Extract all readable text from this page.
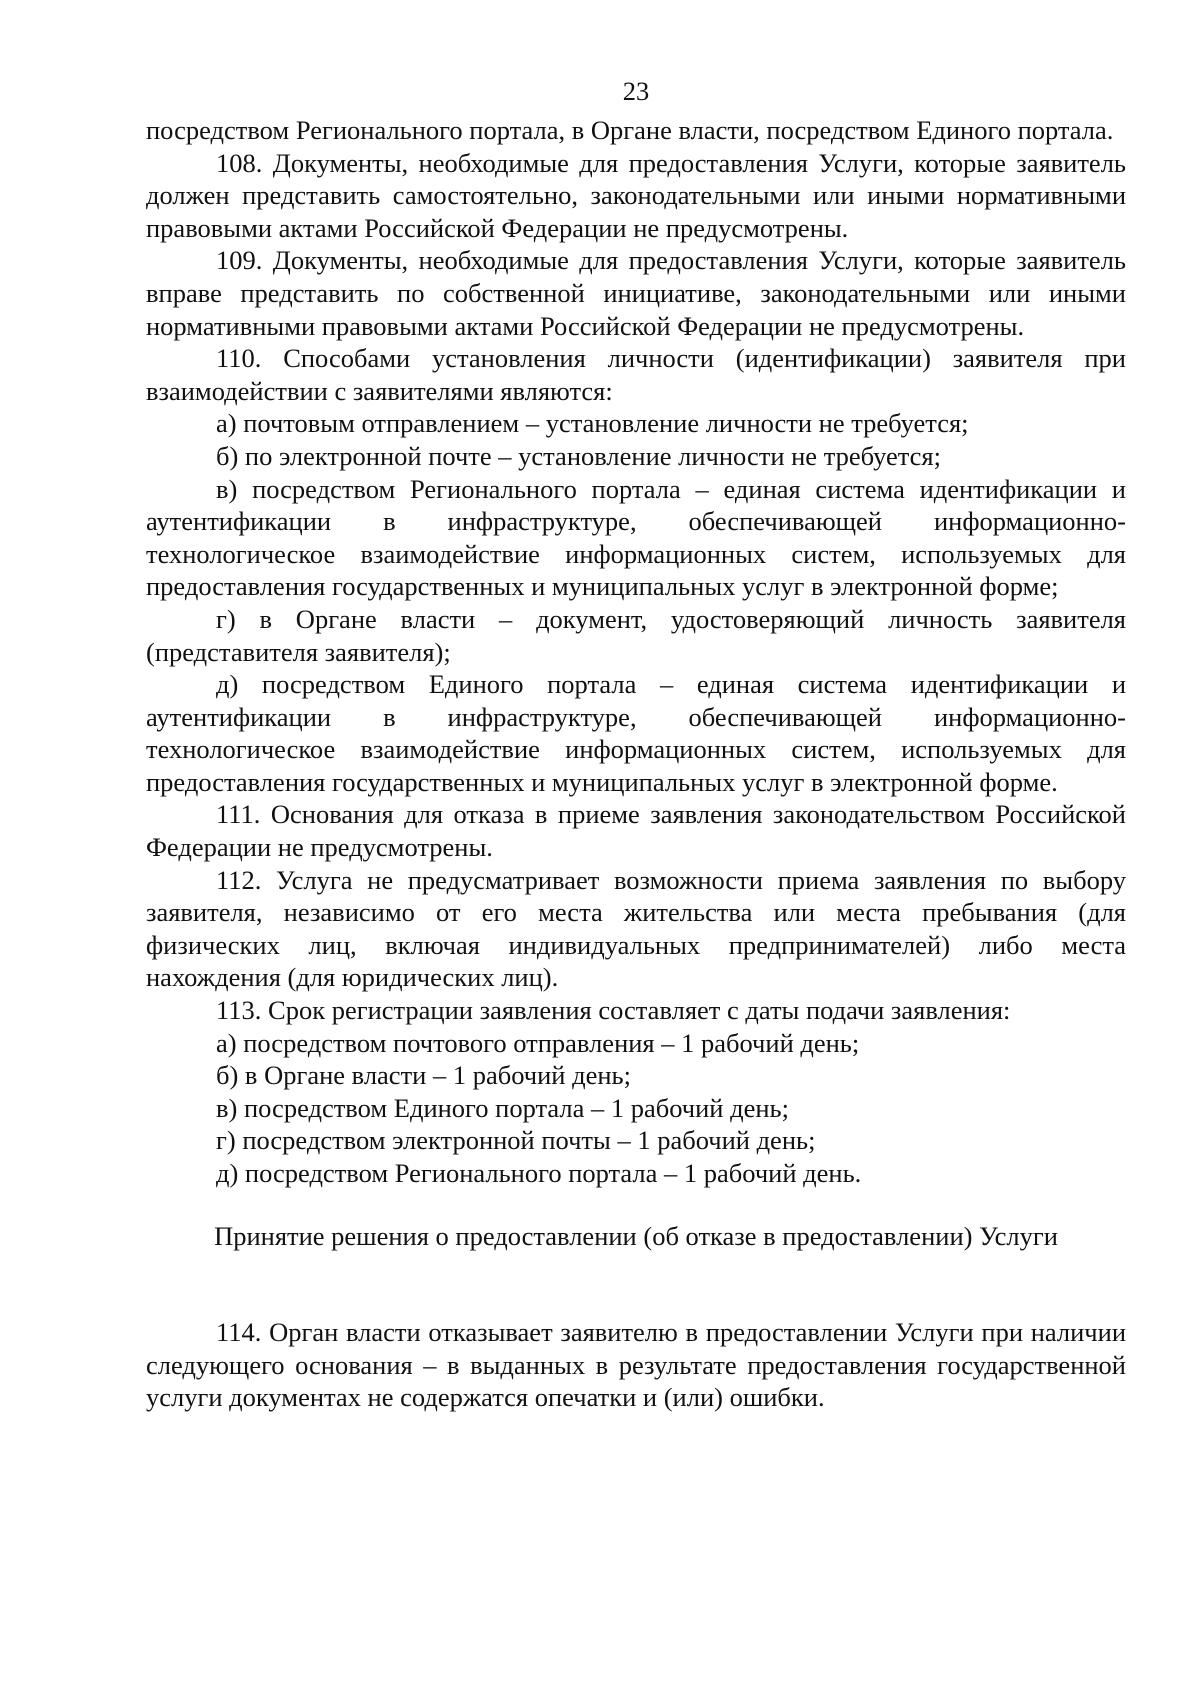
23

посредством Регионального портала, в Органе власти, посредством Единого портала.

108. Документы, необходимые для предоставления Услуги, которые заявитель должен представить самостоятельно, законодательными или иными нормативными правовыми актами Российской Федерации не предусмотрены.

109. Документы, необходимые для предоставления Услуги, которые заявитель вправе представить по собственной инициативе, законодательными или иными нормативными правовыми актами Российской Федерации не предусмотрены.

110. Способами установления личности (идентификации) заявителя при взаимодействии с заявителями являются:

а) почтовым отправлением – установление личности не требуется;

б) по электронной почте – установление личности не требуется;

в) посредством Регионального портала – единая система идентификации и аутентификации в инфраструктуре, обеспечивающей информационно-технологическое взаимодействие информационных систем, используемых для предоставления государственных и муниципальных услуг в электронной форме;

г) в Органе власти – документ, удостоверяющий личность заявителя (представителя заявителя);

д) посредством Единого портала – единая система идентификации и аутентификации в инфраструктуре, обеспечивающей информационно-технологическое взаимодействие информационных систем, используемых для предоставления государственных и муниципальных услуг в электронной форме.

111. Основания для отказа в приеме заявления законодательством Российской Федерации не предусмотрены.

112. Услуга не предусматривает возможности приема заявления по выбору заявителя, независимо от его места жительства или места пребывания (для физических лиц, включая индивидуальных предпринимателей) либо места нахождения (для юридических лиц).

113. Срок регистрации заявления составляет с даты подачи заявления:

а) посредством почтового отправления – 1 рабочий день;

б) в Органе власти – 1 рабочий день;

в) посредством Единого портала – 1 рабочий день;

г) посредством электронной почты – 1 рабочий день;

д) посредством Регионального портала – 1 рабочий день.

Принятие решения о предоставлении (об отказе в предоставлении) Услуги

114. Орган власти отказывает заявителю в предоставлении Услуги при наличии следующего основания – в выданных в результате предоставления государственной услуги документах не содержатся опечатки и (или) ошибки.
